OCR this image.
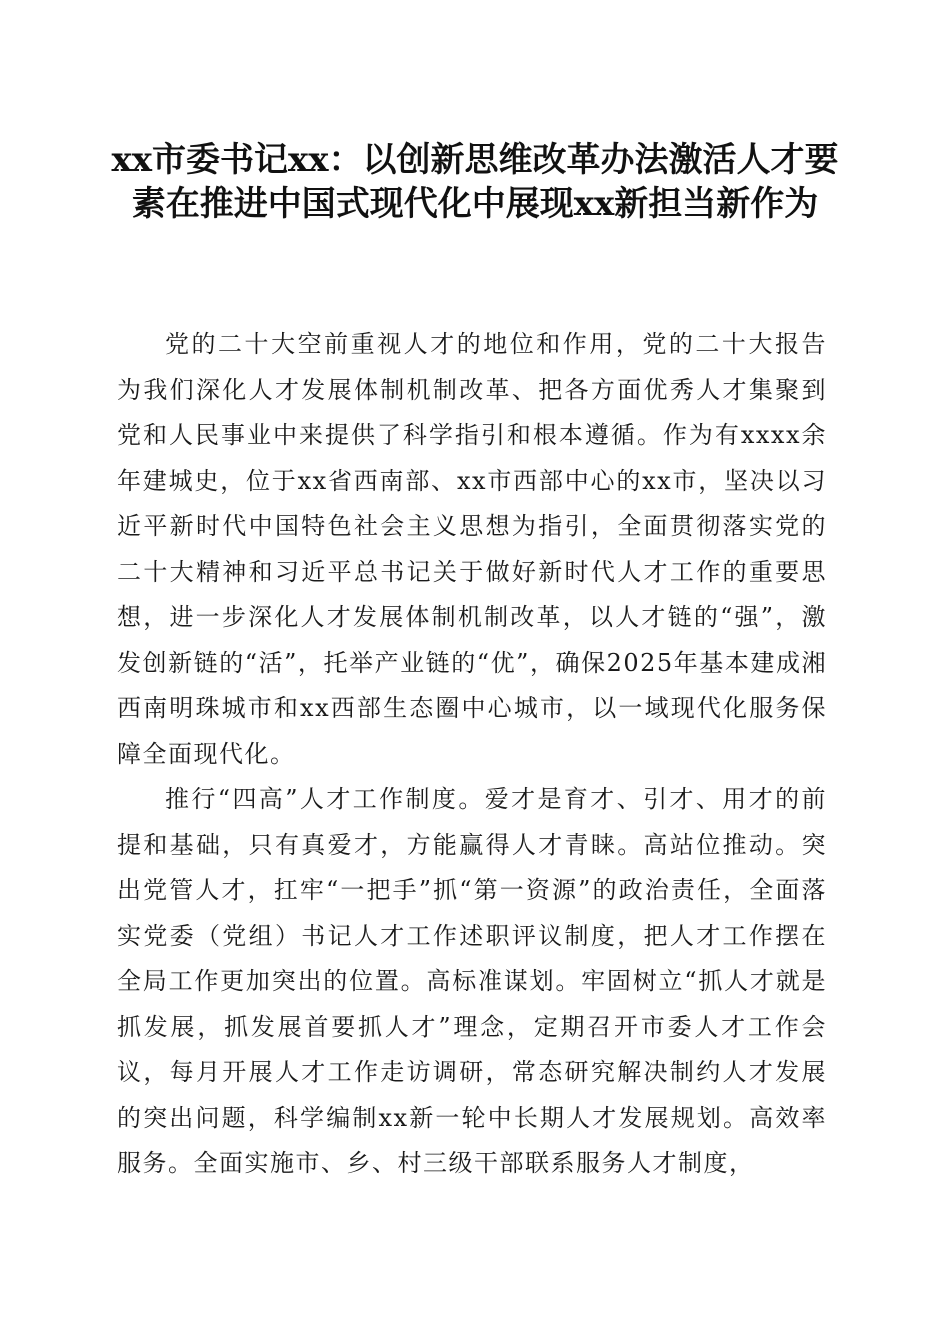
xx市委书记xx：以创新思维改革办法激活人才要素在推进中国式现代化中展现xx新担当新作为

党的二十大空前重视人才的地位和作用，党的二十大报告为我们深化人才发展体制机制改革、把各方面优秀人才集聚到党和人民事业中来提供了科学指引和根本遵循。作为有xxxx余年建城史，位于xx省西南部、xx市西部中心的xx市，坚决以习近平新时代中国特色社会主义思想为指引，全面贯彻落实党的二十大精神和习近平总书记关于做好新时代人才工作的重要思想，进一步深化人才发展体制机制改革，以人才链的“强”，激发创新链的“活”，托举产业链的“优”，确保2025年基本建成湘西南明珠城市和xx西部生态圈中心城市，以一域现代化服务保障全面现代化。

推行“四高”人才工作制度。爱才是育才、引才、用才的前提和基础，只有真爱才，方能赢得人才青睐。高站位推动。突出党管人才，扛牢“一把手”抓“第一资源”的政治责任，全面落实党委（党组）书记人才工作述职评议制度，把人才工作摆在全局工作更加突出的位置。高标准谋划。牢固树立“抓人才就是抓发展，抓发展首要抓人才”理念，定期召开市委人才工作会议，每月开展人才工作走访调研，常态研究解决制约人才发展的突出问题，科学编制xx新一轮中长期人才发展规划。高效率服务。全面实施市、乡、村三级干部联系服务人才制度，
